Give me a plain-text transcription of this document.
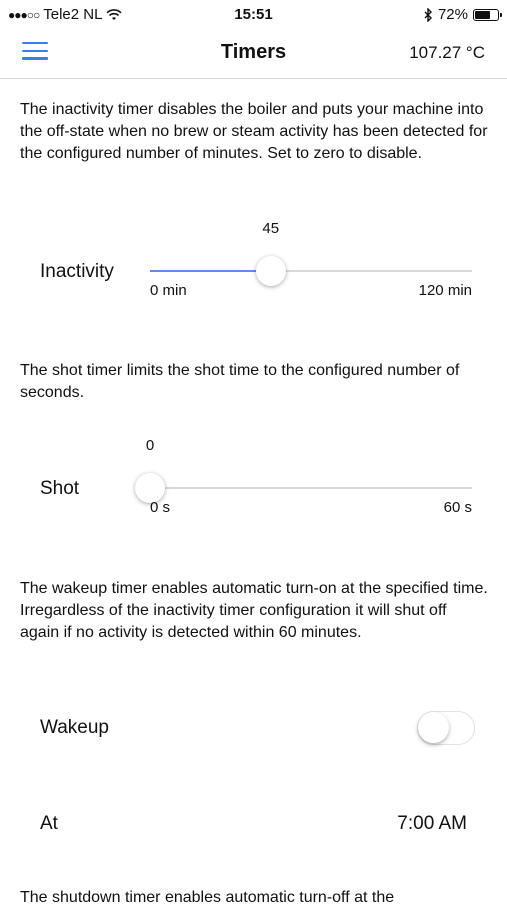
●●●○○ Tele2 NL	15:51	72%
Timers	107.27 °C
The inactivity timer disables the boiler and puts your machine into the off-state when no brew or steam activity has been detected for the configured number of minutes. Set to zero to disable.
Inactivity
45
0 min	120 min
The shot timer limits the shot time to the configured number of seconds.
Shot
0
0 s	60 s
The wakeup timer enables automatic turn-on at the specified time. Irregardless of the inactivity timer configuration it will shut off again if no activity is detected within 60 minutes.
Wakeup
At	7:00 AM
The shutdown timer enables automatic turn-off at the
